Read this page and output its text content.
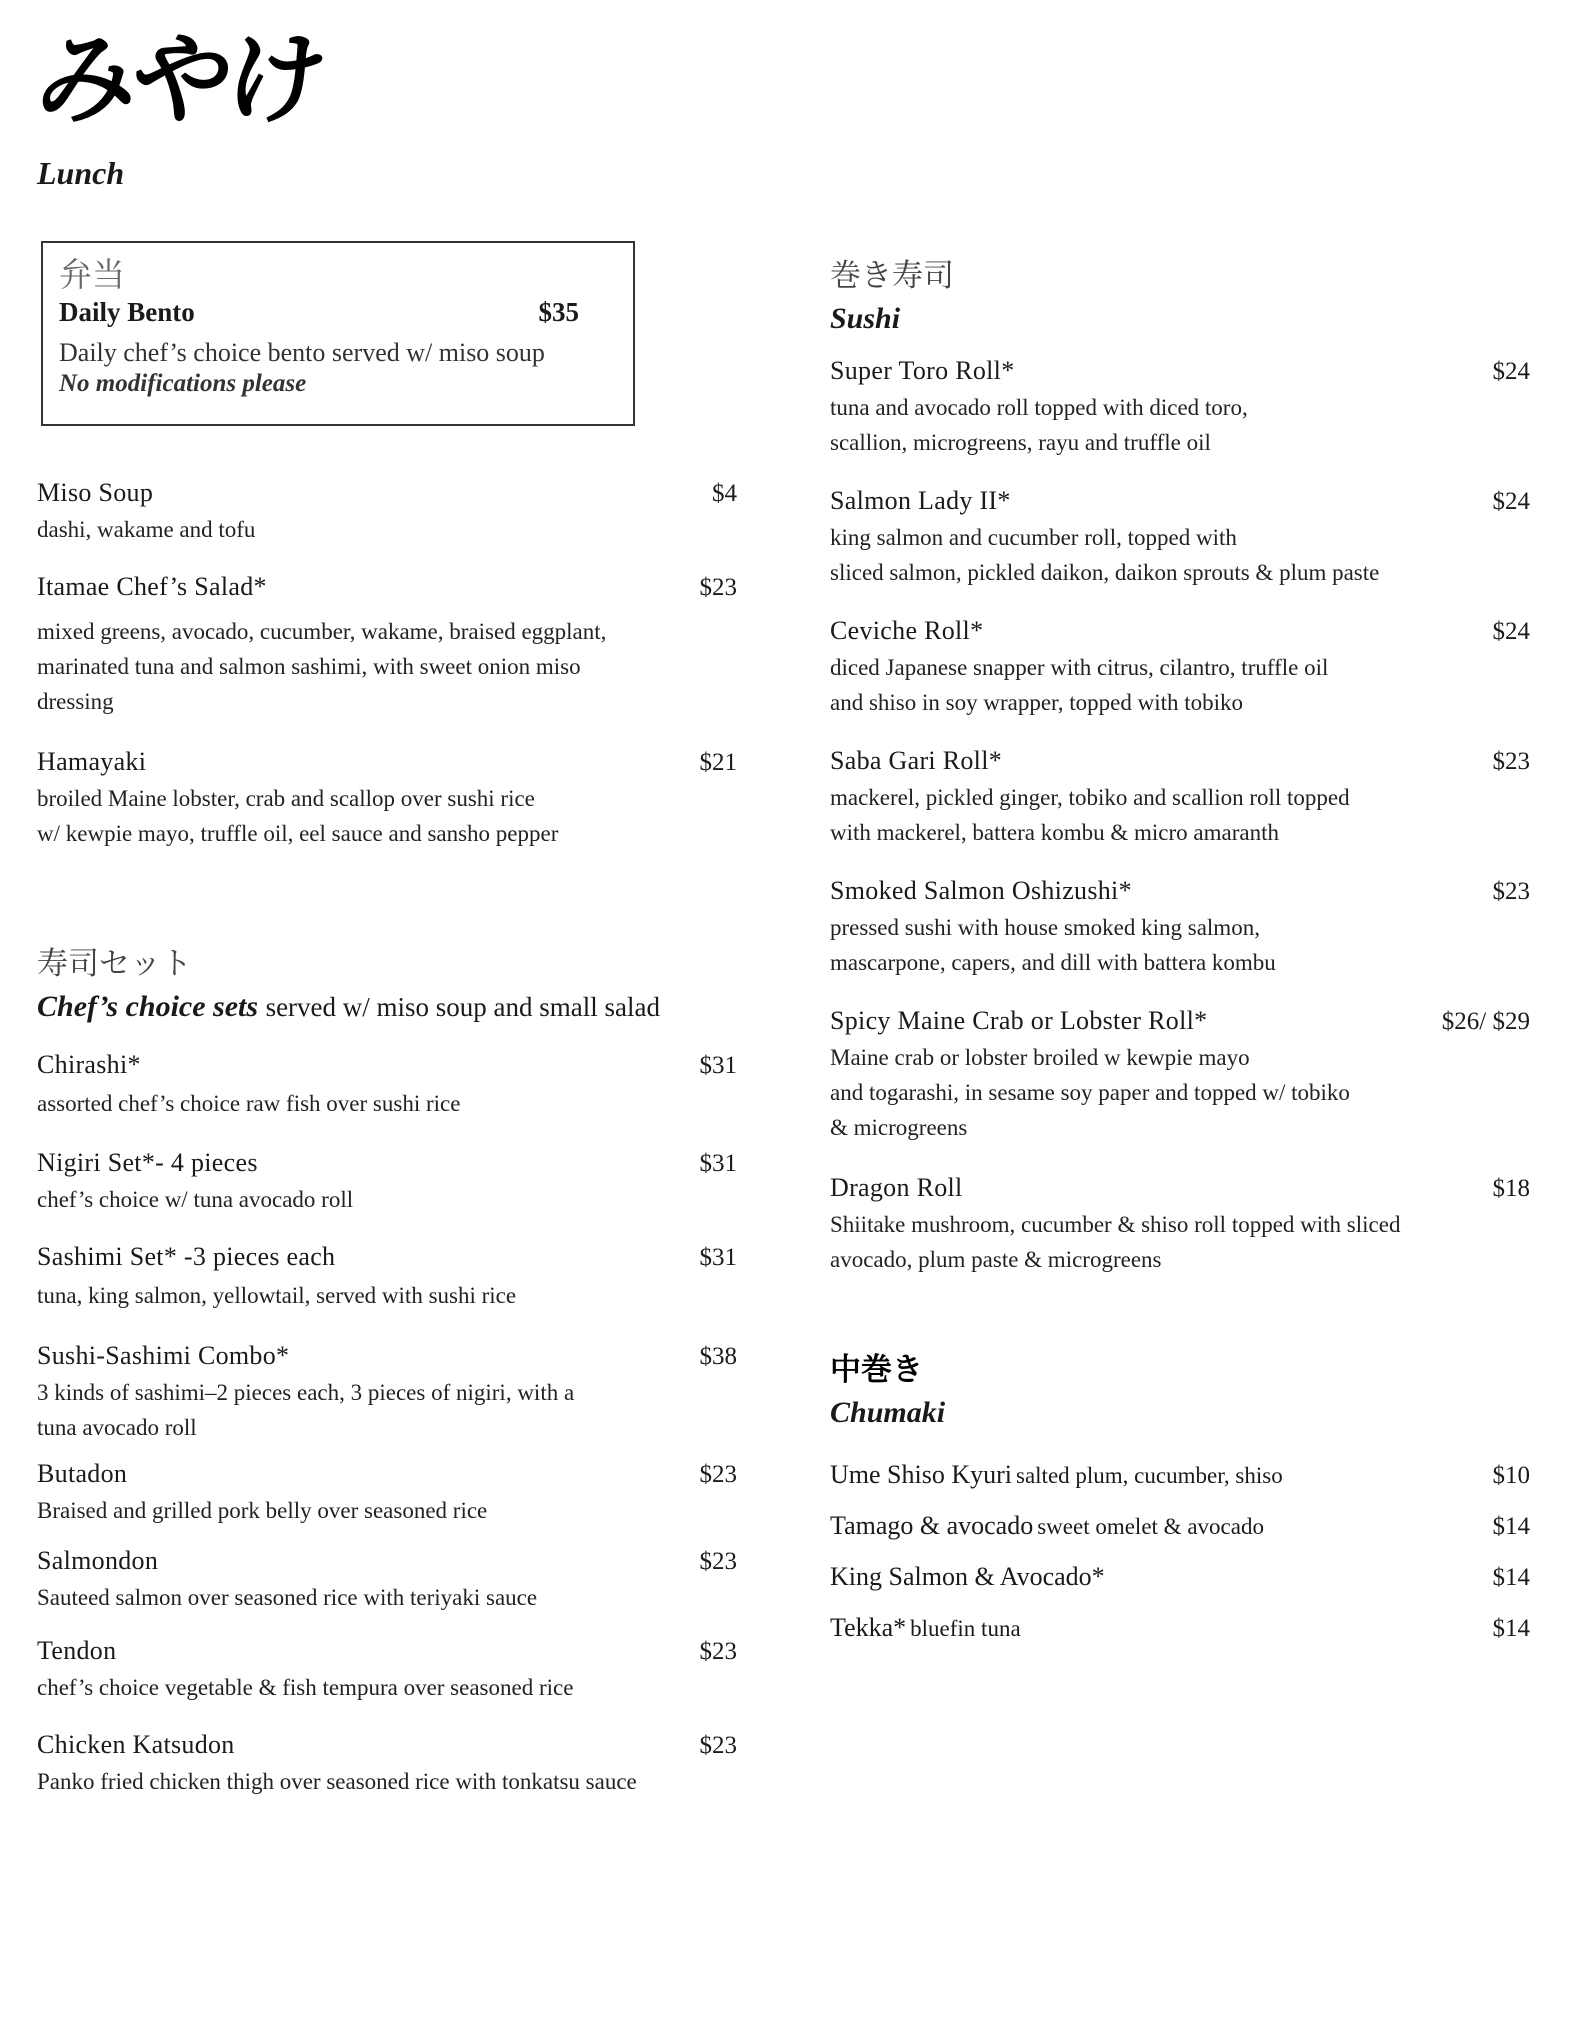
みやけ
Lunch
弁当
Daily Bento	$35
Daily chef’s choice bento served w/ miso soup
No modifications please
Miso Soup	$4
dashi, wakame and tofu
Itamae Chef’s Salad*	$23
mixed greens, avocado, cucumber, wakame, braised eggplant,
marinated tuna and salmon sashimi, with sweet onion miso
dressing
Hamayaki	$21
broiled Maine lobster, crab and scallop over sushi rice
w/ kewpie mayo, truffle oil, eel sauce and sansho pepper
寿司セット
Chef’s choice sets served w/ miso soup and small salad
Chirashi*	$31
assorted chef’s choice raw fish over sushi rice
Nigiri Set*- 4 pieces	$31
chef’s choice w/ tuna avocado roll
Sashimi Set* -3 pieces each	$31
tuna, king salmon, yellowtail, served with sushi rice
Sushi-Sashimi Combo*	$38
3 kinds of sashimi–2 pieces each, 3 pieces of nigiri, with a
tuna avocado roll
Butadon	$23
Braised and grilled pork belly over seasoned rice
Salmondon	$23
Sauteed salmon over seasoned rice with teriyaki sauce
Tendon	$23
chef’s choice vegetable & fish tempura over seasoned rice
Chicken Katsudon	$23
Panko fried chicken thigh over seasoned rice with tonkatsu sauce
巻き寿司
Sushi
Super Toro Roll*	$24
tuna and avocado roll topped with diced toro,
scallion, microgreens, rayu and truffle oil
Salmon Lady II*	$24
king salmon and cucumber roll, topped with
sliced salmon, pickled daikon, daikon sprouts & plum paste
Ceviche Roll*	$24
diced Japanese snapper with citrus, cilantro, truffle oil
and shiso in soy wrapper, topped with tobiko
Saba Gari Roll*	$23
mackerel, pickled ginger, tobiko and scallion roll topped
with mackerel, battera kombu & micro amaranth
Smoked Salmon Oshizushi*	$23
pressed sushi with house smoked king salmon,
mascarpone, capers, and dill with battera kombu
Spicy Maine Crab or Lobster Roll*	$26/ $29
Maine crab or lobster broiled w kewpie mayo
and togarashi, in sesame soy paper and topped w/ tobiko
& microgreens
Dragon Roll	$18
Shiitake mushroom, cucumber & shiso roll topped with sliced
avocado, plum paste & microgreens
中巻き
Chumaki
Ume Shiso Kyuri salted plum, cucumber, shiso	$10
Tamago & avocado sweet omelet & avocado	$14
King Salmon & Avocado*	$14
Tekka* bluefin tuna	$14
